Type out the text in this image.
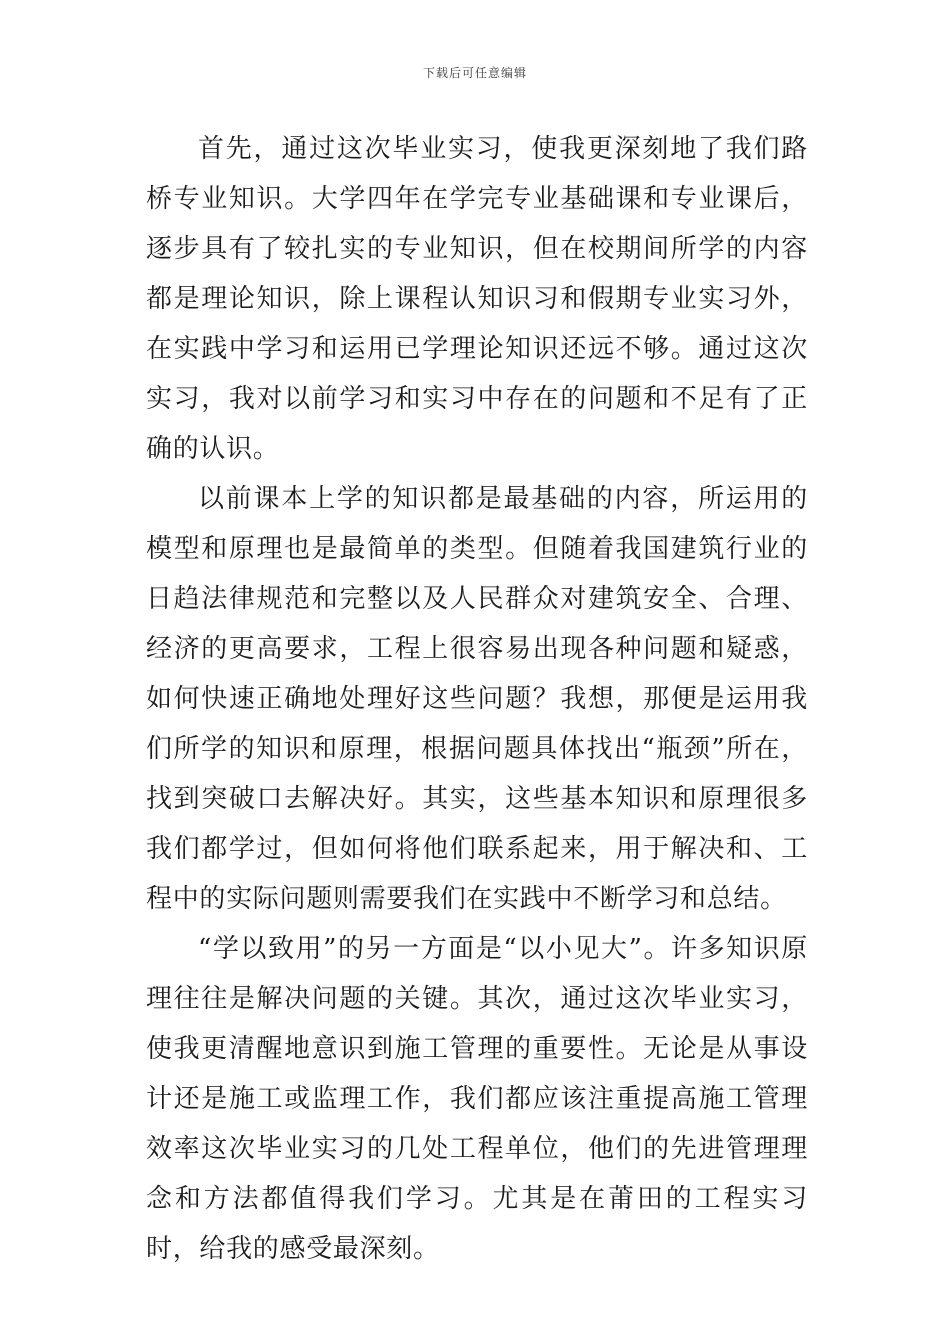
下载后可任意编辑

首先，通过这次毕业实习，使我更深刻地了我们路桥专业知识。大学四年在学完专业基础课和专业课后，逐步具有了较扎实的专业知识，但在校期间所学的内容都是理论知识，除上课程认知识习和假期专业实习外，在实践中学习和运用已学理论知识还远不够。通过这次实习，我对以前学习和实习中存在的问题和不足有了正确的认识。

以前课本上学的知识都是最基础的内容，所运用的模型和原理也是最简单的类型。但随着我国建筑行业的日趋法律规范和完整以及人民群众对建筑安全、合理、经济的更高要求，工程上很容易出现各种问题和疑惑，如何快速正确地处理好这些问题？我想，那便是运用我们所学的知识和原理，根据问题具体找出“瓶颈”所在，找到突破口去解决好。其实，这些基本知识和原理很多我们都学过，但如何将他们联系起来，用于解决和、工程中的实际问题则需要我们在实践中不断学习和总结。

“学以致用”的另一方面是“以小见大”。许多知识原理往往是解决问题的关键。其次，通过这次毕业实习，使我更清醒地意识到施工管理的重要性。无论是从事设计还是施工或监理工作，我们都应该注重提高施工管理效率这次毕业实习的几处工程单位，他们的先进管理理念和方法都值得我们学习。尤其是在莆田的工程实习时，给我的感受最深刻。
